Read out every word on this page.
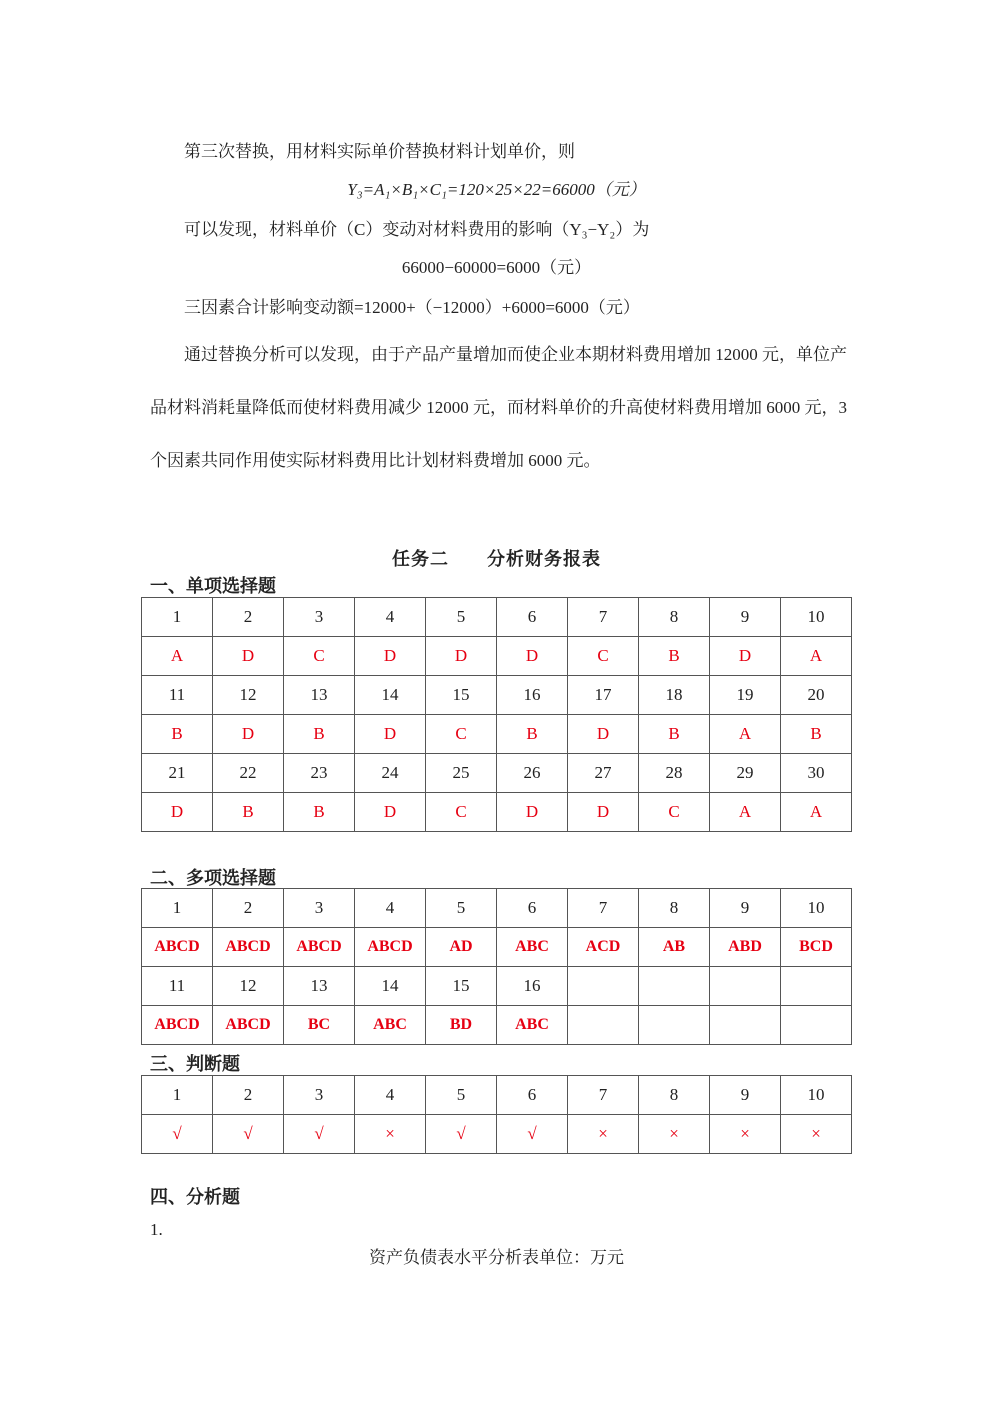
第三次替换，用材料实际单价替换材料计划单价，则
Y₃=A₁×B₁×C₁=120×25×22=66000（元）
可以发现，材料单价（C）变动对材料费用的影响（Y₃−Y₂）为
66000−60000=6000（元）
三因素合计影响变动额=12000+（−12000）+6000=6000（元）
通过替换分析可以发现，由于产品产量增加而使企业本期材料费用增加 12000 元，单位产品材料消耗量降低而使材料费用减少 12000 元，而材料单价的升高使材料费用增加 6000 元，3 个因素共同作用使实际材料费用比计划材料费增加 6000 元。
任务二　　分析财务报表
一、单项选择题
1	2	3	4	5	6	7	8	9	10
A	D	C	D	D	D	C	B	D	A
11	12	13	14	15	16	17	18	19	20
B	D	B	D	C	B	D	B	A	B
21	22	23	24	25	26	27	28	29	30
D	B	B	D	C	D	D	C	A	A
二、多项选择题
1	2	3	4	5	6	7	8	9	10
ABCD	ABCD	ABCD	ABCD	AD	ABC	ACD	AB	ABD	BCD
11	12	13	14	15	16				
ABCD	ABCD	BC	ABC	BD	ABC				
三、判断题
1	2	3	4	5	6	7	8	9	10
√	√	√	×	√	√	×	×	×	×
四、分析题
1.
资产负债表水平分析表单位：万元
